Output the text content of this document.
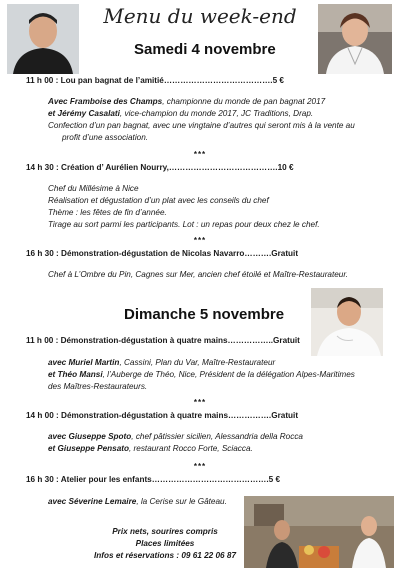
Menu du week-end
Samedi 4 novembre
11 h 00 : Lou pan bagnat de l’amitié………………………………….5 €
Avec Framboise des Champs, championne du monde de pan bagnat 2017
et Jérémy Casalati, vice-champion du monde 2017, JC Traditions, Drap.
Confection d’un pan bagnat, avec une vingtaine d’autres qui seront mis à la vente au
profit d’une association.
***
14 h 30 : Création d’ Aurélien Nourry,………………………………….10 €
Chef du Millésime à Nice
Réalisation et dégustation d’un plat avec les conseils du chef
Thème : les fêtes de fin d’année.
Tirage au sort parmi les participants. Lot : un repas pour deux chez le chef.
***
16 h 30 : Démonstration-dégustation de Nicolas Navarro……….Gratuit
Chef à L’Ombre du Pin, Cagnes sur Mer, ancien chef étoilé et Maître-Restaurateur.
Dimanche 5 novembre
11 h 00 : Démonstration-dégustation à quatre mains……………..Gratuit
avec Muriel Martin, Cassini, Plan du Var, Maître-Restaurateur
et Théo Mansi, l’Auberge de Théo, Nice, Président de la délégation Alpes-Maritimes
des Maîtres-Restaurateurs.
***
14 h 00 : Démonstration-dégustation à quatre mains…………….Gratuit
avec Giuseppe Spoto, chef pâtissier sicilien, Alessandria della Rocca
et Giuseppe Pensato, restaurant Rocco Forte, Sciacca.
***
16 h 30 : Atelier pour les enfants…………………………………….5 €
avec Séverine Lemaire, la Cerise sur le Gâteau.
Prix nets, sourires compris
Places limitées
Infos et réservations : 09 61 22 06 87
